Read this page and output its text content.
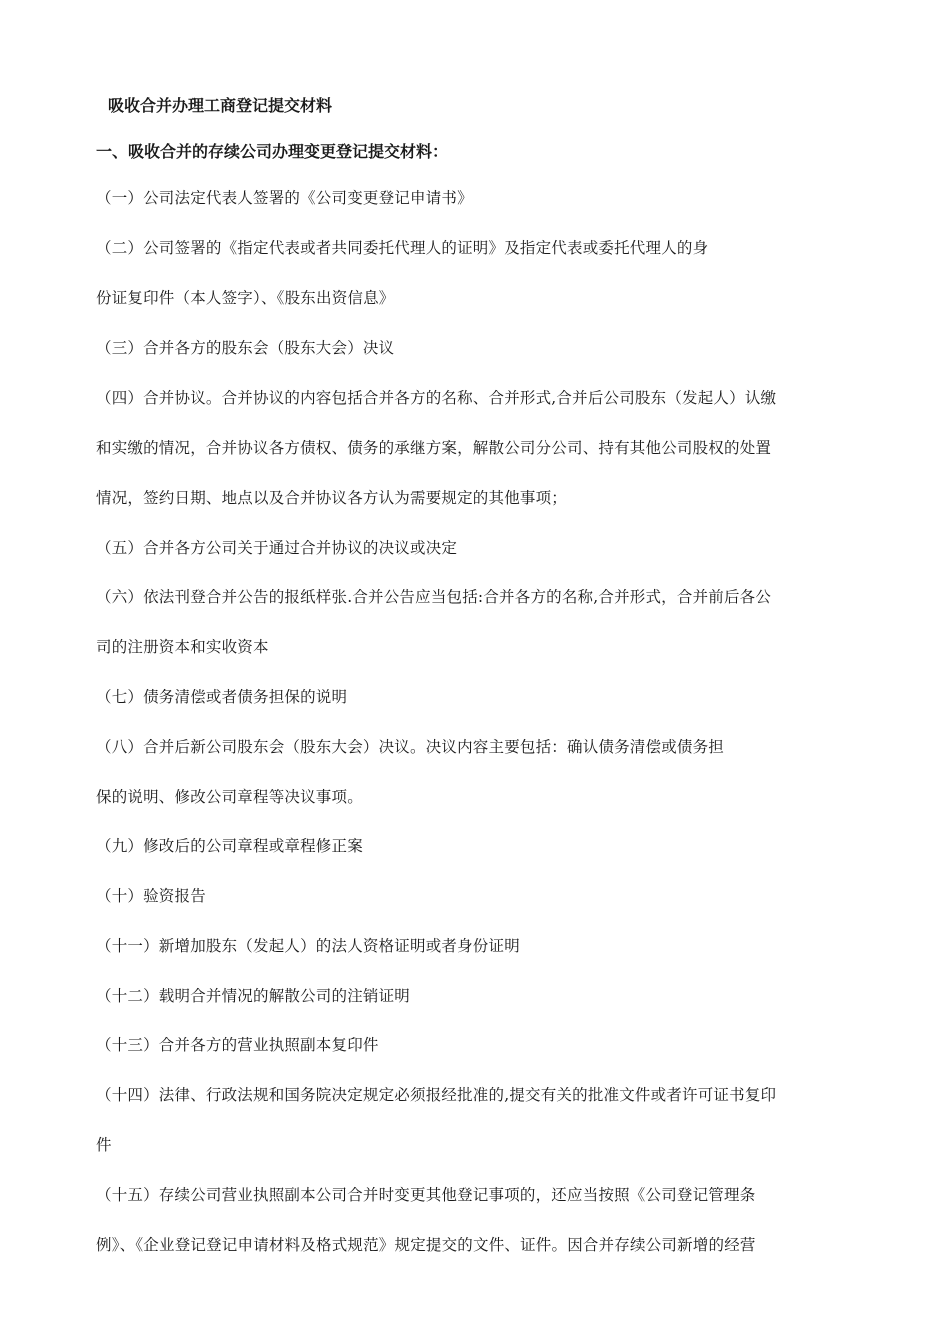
吸收合并办理工商登记提交材料
一、吸收合并的存续公司办理变更登记提交材料：
（一）公司法定代表人签署的《公司变更登记申请书》
（二）公司签署的《指定代表或者共同委托代理人的证明》及指定代表或委托代理人的身
份证复印件（本人签字）、《股东出资信息》
（三）合并各方的股东会（股东大会）决议
（四）合并协议。合并协议的内容包括合并各方的名称、合并形式,合并后公司股东（发起人）认缴
和实缴的情况，合并协议各方债权、债务的承继方案，解散公司分公司、持有其他公司股权的处置
情况，签约日期、地点以及合并协议各方认为需要规定的其他事项；
（五）合并各方公司关于通过合并协议的决议或决定
（六）依法刊登合并公告的报纸样张.合并公告应当包括:合并各方的名称,合并形式，合并前后各公
司的注册资本和实收资本
（七）债务清偿或者债务担保的说明
（八）合并后新公司股东会（股东大会）决议。决议内容主要包括：确认债务清偿或债务担
保的说明、修改公司章程等决议事项。
（九）修改后的公司章程或章程修正案
（十）验资报告
（十一）新增加股东（发起人）的法人资格证明或者身份证明
（十二）载明合并情况的解散公司的注销证明
（十三）合并各方的营业执照副本复印件
（十四）法律、行政法规和国务院决定规定必须报经批准的,提交有关的批准文件或者许可证书复印
件
（十五）存续公司营业执照副本公司合并时变更其他登记事项的，还应当按照《公司登记管理条
例》、《企业登记登记申请材料及格式规范》规定提交的文件、证件。因合并存续公司新增的经营
